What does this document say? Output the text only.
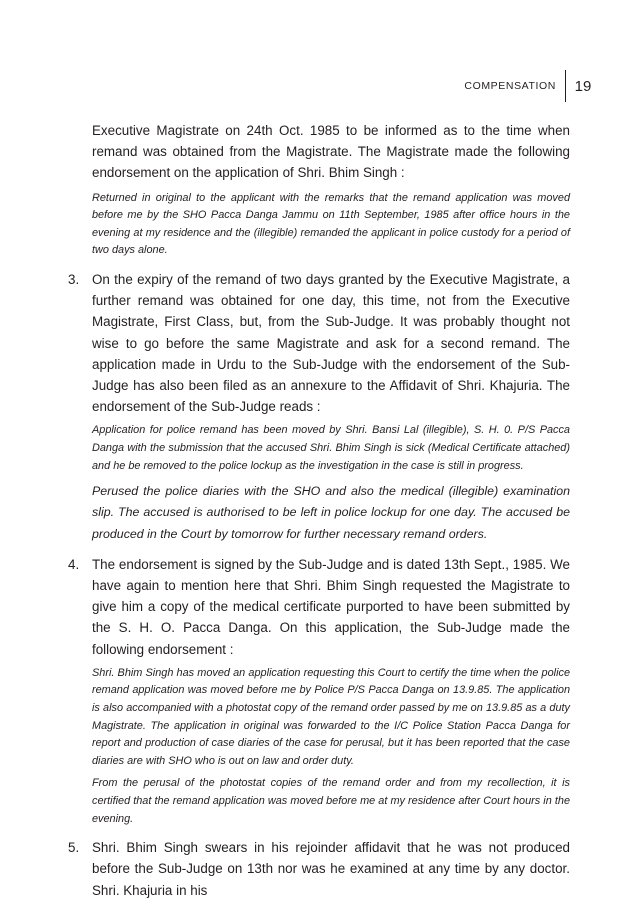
COMPENSATION	19
Executive Magistrate on 24th Oct. 1985 to be informed as to the time when remand was obtained from the Magistrate. The Magistrate made the following endorsement on the application of Shri. Bhim Singh :
Returned in original to the applicant with the remarks that the remand application was moved before me by the SHO Pacca Danga Jammu on 11th September, 1985 after office hours in the evening at my residence and the (illegible) remanded the applicant in police custody for a period of two days alone.
3. On the expiry of the remand of two days granted by the Executive Magistrate, a further remand was obtained for one day, this time, not from the Executive Magistrate, First Class, but, from the Sub-Judge. It was probably thought not wise to go before the same Magistrate and ask for a second remand. The application made in Urdu to the Sub-Judge with the endorsement of the Sub-Judge has also been filed as an annexure to the Affidavit of Shri. Khajuria. The endorsement of the Sub-Judge reads :
Application for police remand has been moved by Shri. Bansi Lal (illegible), S. H. 0. P/S Pacca Danga with the submission that the accused Shri. Bhim Singh is sick (Medical Certificate attached) and he be removed to the police lockup as the investigation in the case is still in progress.
Perused the police diaries with the SHO and also the medical (illegible) examination slip. The accused is authorised to be left in police lockup for one day. The accused be produced in the Court by tomorrow for further necessary remand orders.
4. The endorsement is signed by the Sub-Judge and is dated 13th Sept., 1985. We have again to mention here that Shri. Bhim Singh requested the Magistrate to give him a copy of the medical certificate purported to have been submitted by the S. H. O. Pacca Danga. On this application, the Sub-Judge made the following endorsement :
Shri. Bhim Singh has moved an application requesting this Court to certify the time when the police remand application was moved before me by Police P/S Pacca Danga on 13.9.85. The application is also accompanied with a photostat copy of the remand order passed by me on 13.9.85 as a duty Magistrate. The application in original was forwarded to the I/C Police Station Pacca Danga for report and production of case diaries of the case for perusal, but it has been reported that the case diaries are with SHO who is out on law and order duty.
From the perusal of the photostat copies of the remand order and from my recollection, it is certified that the remand application was moved before me at my residence after Court hours in the evening.
5. Shri. Bhim Singh swears in his rejoinder affidavit that he was not produced before the Sub-Judge on 13th nor was he examined at any time by any doctor. Shri. Khajuria in his
